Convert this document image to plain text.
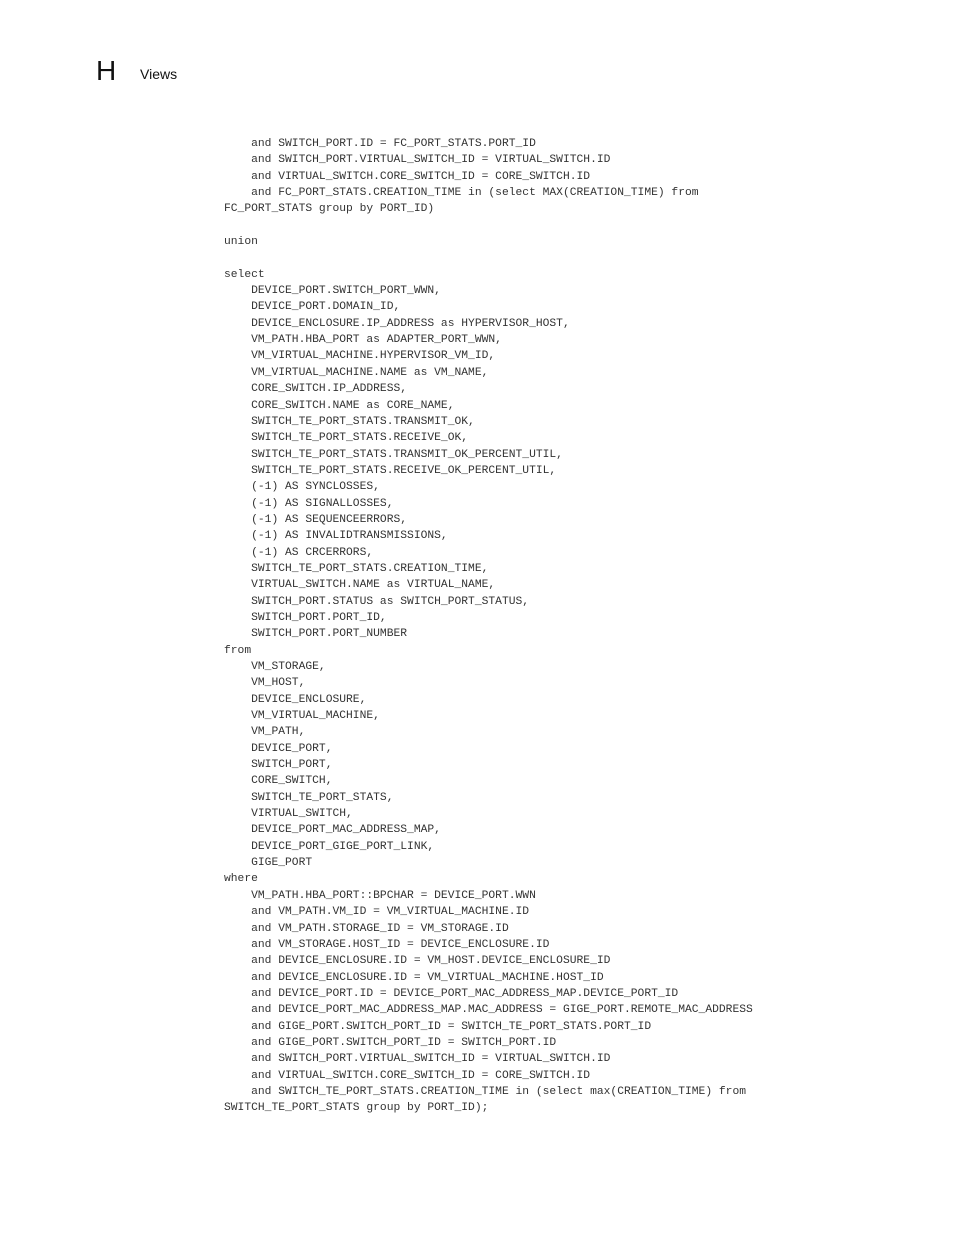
H Views
and SWITCH_PORT.ID = FC_PORT_STATS.PORT_ID
and SWITCH_PORT.VIRTUAL_SWITCH_ID = VIRTUAL_SWITCH.ID
and VIRTUAL_SWITCH.CORE_SWITCH_ID = CORE_SWITCH.ID
and FC_PORT_STATS.CREATION_TIME in (select MAX(CREATION_TIME) from
FC_PORT_STATS group by PORT_ID)
union
select
DEVICE_PORT.SWITCH_PORT_WWN,
DEVICE_PORT.DOMAIN_ID,
DEVICE_ENCLOSURE.IP_ADDRESS as HYPERVISOR_HOST,
VM_PATH.HBA_PORT as ADAPTER_PORT_WWN,
VM_VIRTUAL_MACHINE.HYPERVISOR_VM_ID,
VM_VIRTUAL_MACHINE.NAME as VM_NAME,
CORE_SWITCH.IP_ADDRESS,
CORE_SWITCH.NAME as CORE_NAME,
SWITCH_TE_PORT_STATS.TRANSMIT_OK,
SWITCH_TE_PORT_STATS.RECEIVE_OK,
SWITCH_TE_PORT_STATS.TRANSMIT_OK_PERCENT_UTIL,
SWITCH_TE_PORT_STATS.RECEIVE_OK_PERCENT_UTIL,
(-1) AS SYNCLOSSES,
(-1) AS SIGNALLOSSES,
(-1) AS SEQUENCEERRORS,
(-1) AS INVALIDTRANSMISSIONS,
(-1) AS CRCERRORS,
SWITCH_TE_PORT_STATS.CREATION_TIME,
VIRTUAL_SWITCH.NAME as VIRTUAL_NAME,
SWITCH_PORT.STATUS as SWITCH_PORT_STATUS,
SWITCH_PORT.PORT_ID,
SWITCH_PORT.PORT_NUMBER
from
VM_STORAGE,
VM_HOST,
DEVICE_ENCLOSURE,
VM_VIRTUAL_MACHINE,
VM_PATH,
DEVICE_PORT,
SWITCH_PORT,
CORE_SWITCH,
SWITCH_TE_PORT_STATS,
VIRTUAL_SWITCH,
DEVICE_PORT_MAC_ADDRESS_MAP,
DEVICE_PORT_GIGE_PORT_LINK,
GIGE_PORT
where
VM_PATH.HBA_PORT::BPCHAR = DEVICE_PORT.WWN
and VM_PATH.VM_ID = VM_VIRTUAL_MACHINE.ID
and VM_PATH.STORAGE_ID = VM_STORAGE.ID
and VM_STORAGE.HOST_ID = DEVICE_ENCLOSURE.ID
and DEVICE_ENCLOSURE.ID = VM_HOST.DEVICE_ENCLOSURE_ID
and DEVICE_ENCLOSURE.ID = VM_VIRTUAL_MACHINE.HOST_ID
and DEVICE_PORT.ID = DEVICE_PORT_MAC_ADDRESS_MAP.DEVICE_PORT_ID
and DEVICE_PORT_MAC_ADDRESS_MAP.MAC_ADDRESS = GIGE_PORT.REMOTE_MAC_ADDRESS
and GIGE_PORT.SWITCH_PORT_ID = SWITCH_TE_PORT_STATS.PORT_ID
and GIGE_PORT.SWITCH_PORT_ID = SWITCH_PORT.ID
and SWITCH_PORT.VIRTUAL_SWITCH_ID = VIRTUAL_SWITCH.ID
and VIRTUAL_SWITCH.CORE_SWITCH_ID = CORE_SWITCH.ID
and SWITCH_TE_PORT_STATS.CREATION_TIME in (select max(CREATION_TIME) from
SWITCH_TE_PORT_STATS group by PORT_ID);
